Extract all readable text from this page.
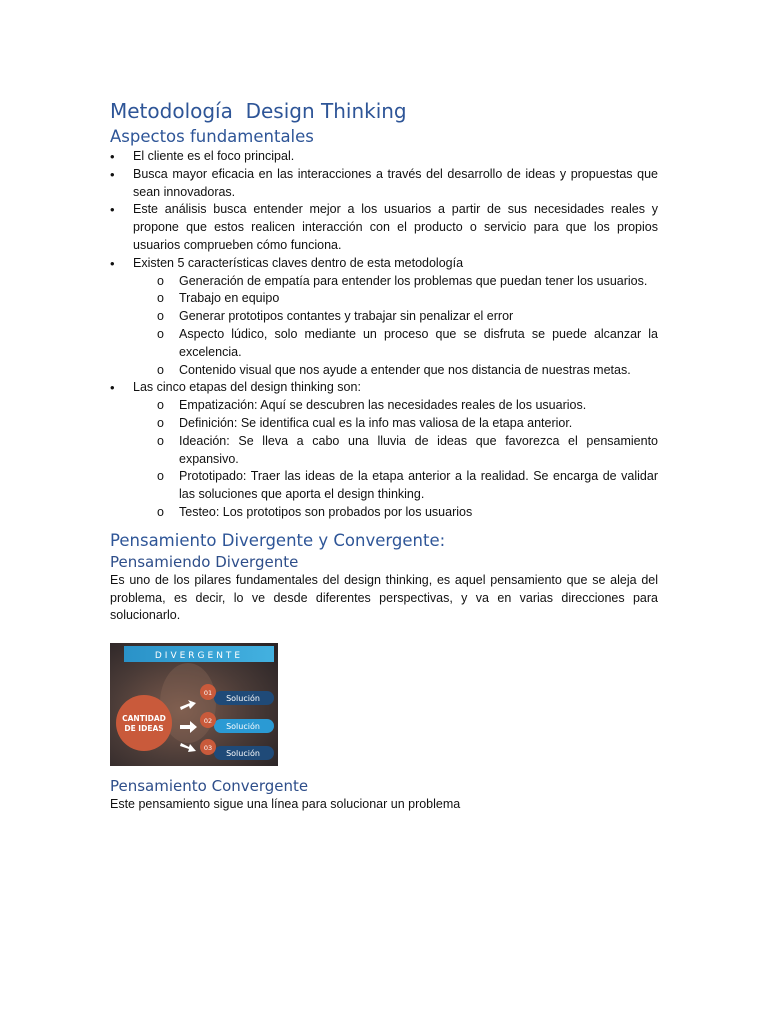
Metodología  Design Thinking
Aspectos fundamentales
• El cliente es el foco principal.
• Busca mayor eficacia en las interacciones a través del desarrollo de ideas y propuestas que sean innovadoras.
• Este análisis busca entender mejor a los usuarios a partir de sus necesidades reales y propone que estos realicen interacción con el producto o servicio para que los propios usuarios comprueben cómo funciona.
• Existen 5 características claves dentro de esta metodología
o Generación de empatía para entender los problemas que puedan tener los usuarios.
o Trabajo en equipo
o Generar prototipos contantes y trabajar sin penalizar el error
o Aspecto lúdico, solo mediante un proceso que se disfruta se puede alcanzar la excelencia.
o Contenido visual que nos ayude a entender que nos distancia de nuestras metas.
• Las cinco etapas del design thinking son:
o Empatización: Aquí se descubren las necesidades reales de los usuarios.
o Definición: Se identifica cual es la info mas valiosa de la etapa anterior.
o Ideación: Se lleva a cabo una lluvia de ideas que favorezca el pensamiento expansivo.
o Prototipado: Traer las ideas de la etapa anterior a la realidad. Se encarga de validar las soluciones que aporta el design thinking.
o Testeo: Los prototipos son probados por los usuarios
Pensamiento Divergente y Convergente:
Pensamiendo Divergente

Es uno de los pilares fundamentales del design thinking, es aquel pensamiento que se aleja del problema, es decir, lo ve desde diferentes perspectivas, y va en varias direcciones para solucionarlo.

DIVERGENTE
CANTIDAD
DE IDEAS
01
Solución
02
Solución
03
Solución
Pensamiento Convergente

Este pensamiento sigue una línea para solucionar un problema
